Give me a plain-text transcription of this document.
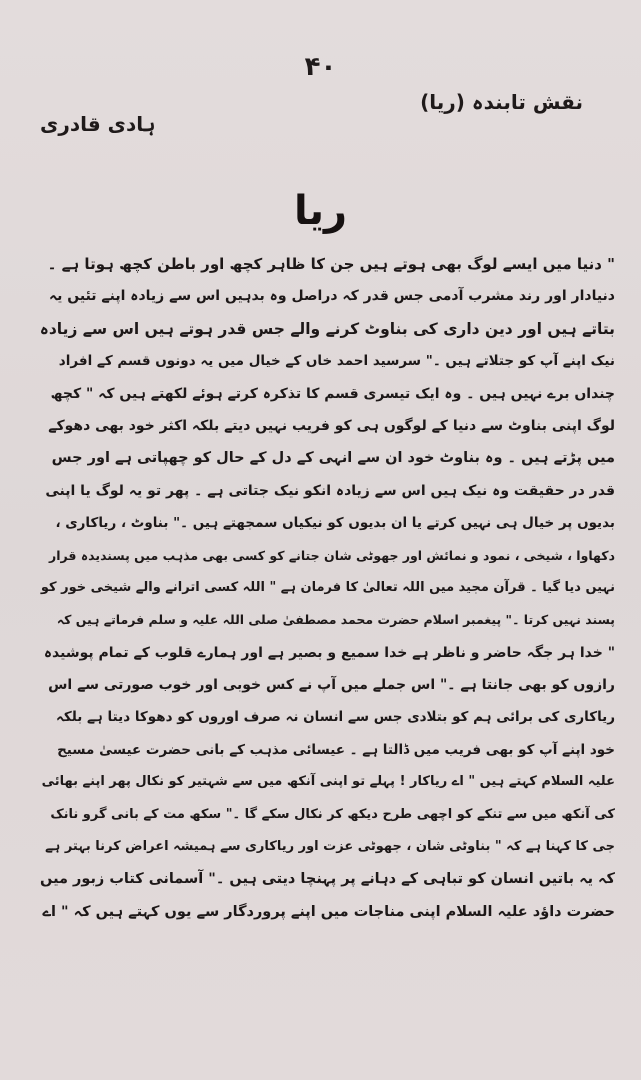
۴۰
نقش تابندہ (ریا)
ہادی قادری
ریا
" دنیا میں ایسے لوگ بھی ہوتے ہیں جن کا ظاہر کچھ اور باطن کچھ ہوتا ہے ۔
دنیادار اور رند مشرب آدمی جس قدر کہ دراصل وہ بدہیں اس سے زیادہ اپنے تئیں یہ
بتاتے ہیں اور دین داری کی بناوٹ کرنے والے جس قدر ہوتے ہیں اس سے زیادہ
نیک اپنے آپ کو جتلاتے ہیں ۔" سرسید احمد خاں کے خیال میں یہ دونوں قسم کے افراد
چنداں برے نہیں ہیں ۔ وہ ایک تیسری قسم کا تذکرہ کرتے ہوئے لکھتے ہیں کہ " کچھ
لوگ اپنی بناوٹ سے دنیا کے لوگوں ہی کو فریب نہیں دیتے بلکہ اکثر خود بھی دھوکے
میں پڑتے ہیں ۔ وہ بناوٹ خود ان سے انہی کے دل کے حال کو چھپاتی ہے اور جس
قدر در حقیقت وہ نیک ہیں اس سے زیادہ انکو نیک جتاتی ہے ۔ پھر تو یہ لوگ یا اپنی
بدیوں پر خیال ہی نہیں کرتے یا ان بدیوں کو نیکیاں سمجھتے ہیں ۔" بناوٹ ، ریاکاری ،
دکھاوا ، شیخی ، نمود و نمائش اور جھوٹی شان جتانے کو کسی بھی مذہب میں پسندیدہ قرار
نہیں دیا گیا ۔ قرآن مجید میں اللہ تعالیٰ کا فرمان ہے " اللہ کسی اترانے والے شیخی خور کو
پسند نہیں کرتا ۔" پیغمبر اسلام حضرت محمد مصطفیٰ صلی اللہ علیہ و سلم فرماتے ہیں کہ
" خدا ہر جگہ حاضر و ناظر ہے خدا سمیع و بصیر ہے اور ہمارے قلوب کے تمام پوشیدہ
رازوں کو بھی جانتا ہے ۔" اس جملے میں آپ نے کس خوبی اور خوب صورتی سے اس
ریاکاری کی برائی ہم کو بتلادی جس سے انسان نہ صرف اوروں کو دھوکا دیتا ہے بلکہ
خود اپنے آپ کو بھی فریب میں ڈالتا ہے ۔ عیسائی مذہب کے بانی حضرت عیسیٰ مسیح
علیہ السلام کہتے ہیں " اے ریاکار ! پہلے تو اپنی آنکھ میں سے شہتیر کو نکال پھر اپنے بھائی
کی آنکھ میں سے تنکے کو اچھی طرح دیکھ کر نکال سکے گا ۔" سکھ مت کے بانی گرو نانک
جی کا کہنا ہے کہ " بناوٹی شان ، جھوٹی عزت اور ریاکاری سے ہمیشہ اعراض کرنا بہتر ہے
کہ یہ باتیں انسان کو تباہی کے دہانے پر پہنچا دیتی ہیں ۔" آسمانی کتاب زبور میں
حضرت داؤد علیہ السلام اپنی مناجات میں اپنے پروردگار سے یوں کہتے ہیں کہ " اے
